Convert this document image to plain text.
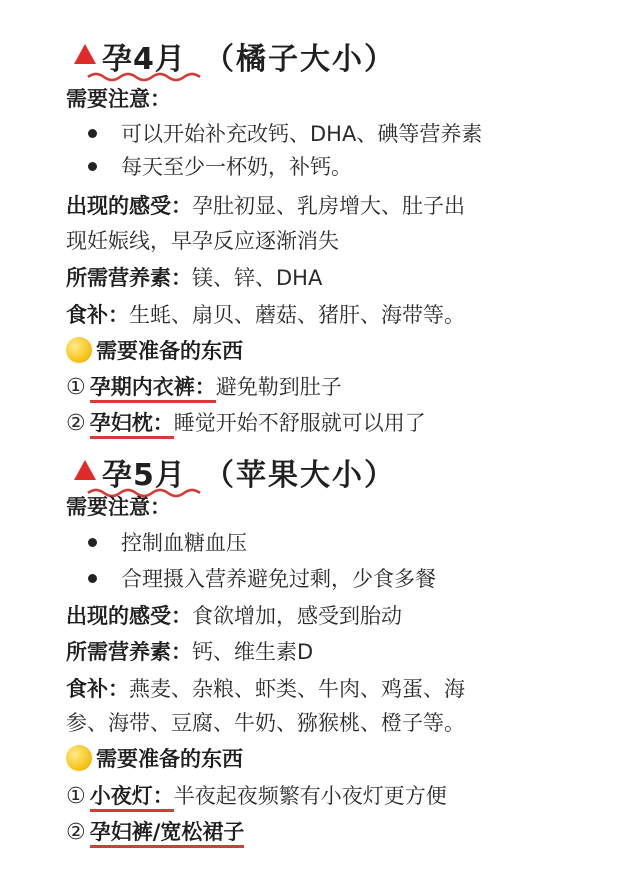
孕4月 （橘子大小）
需要注意：
可以开始补充改钙、DHA、碘等营养素
每天至少一杯奶，补钙。
出现的感受：孕肚初显、乳房增大、肚子出
现妊娠线，早孕反应逐渐消失
所需营养素：镁、锌、DHA
食补：生蚝、扇贝、蘑菇、猪肝、海带等。
需要准备的东西
① 孕期内衣裤：避免勒到肚子
② 孕妇枕：睡觉开始不舒服就可以用了
孕5月 （苹果大小）
需要注意：
控制血糖血压
合理摄入营养避免过剩，少食多餐
出现的感受：食欲增加，感受到胎动
所需营养素：钙、维生素D
食补：燕麦、杂粮、虾类、牛肉、鸡蛋、海
参、海带、豆腐、牛奶、猕猴桃、橙子等。
需要准备的东西
① 小夜灯：半夜起夜频繁有小夜灯更方便
② 孕妇裤/宽松裙子
